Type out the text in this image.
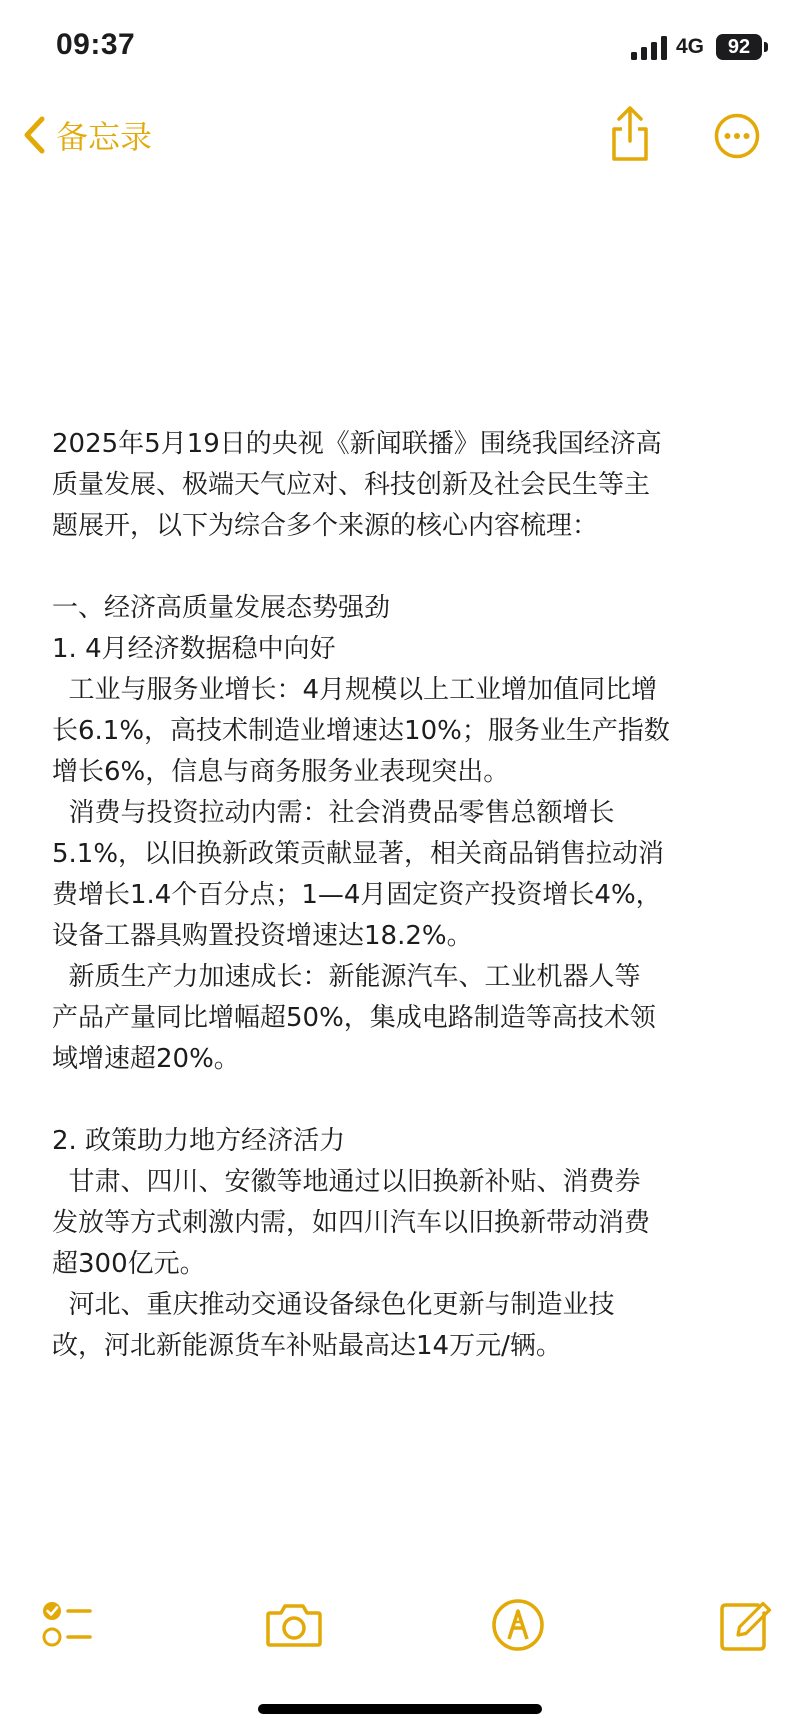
09:37	4G	92
备忘录
2025年5月19日的央视《新闻联播》围绕我国经济高
质量发展、极端天气应对、科技创新及社会民生等主
题展开，以下为综合多个来源的核心内容梳理：
一、经济高质量发展态势强劲
1. 4月经济数据稳中向好
工业与服务业增长：4月规模以上工业增加值同比增
长6.1%，高技术制造业增速达10%；服务业生产指数
增长6%，信息与商务服务业表现突出。
消费与投资拉动内需：社会消费品零售总额增长
5.1%，以旧换新政策贡献显著，相关商品销售拉动消
费增长1.4个百分点；1—4月固定资产投资增长4%，
设备工器具购置投资增速达18.2%。
新质生产力加速成长：新能源汽车、工业机器人等
产品产量同比增幅超50%，集成电路制造等高技术领
域增速超20%。
2. 政策助力地方经济活力
甘肃、四川、安徽等地通过以旧换新补贴、消费券
发放等方式刺激内需，如四川汽车以旧换新带动消费
超300亿元。
河北、重庆推动交通设备绿色化更新与制造业技
改，河北新能源货车补贴最高达14万元/辆。
